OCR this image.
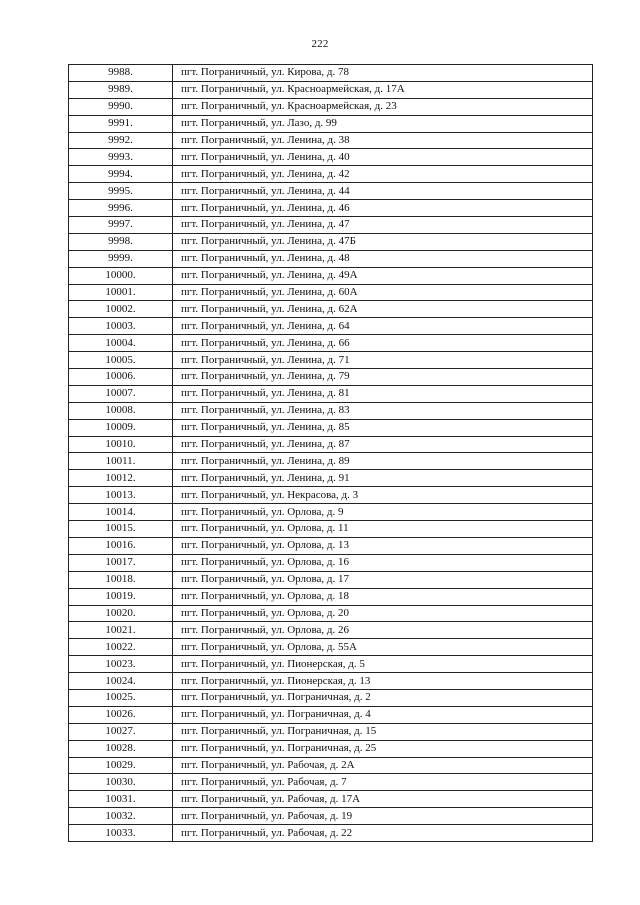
222
9988.	пгт. Пограничный, ул. Кирова, д. 78
9989.	пгт. Пограничный, ул. Красноармейская, д. 17А
9990.	пгт. Пограничный, ул. Красноармейская, д. 23
9991.	пгт. Пограничный, ул. Лазо, д. 99
9992.	пгт. Пограничный, ул. Ленина, д. 38
9993.	пгт. Пограничный, ул. Ленина, д. 40
9994.	пгт. Пограничный, ул. Ленина, д. 42
9995.	пгт. Пограничный, ул. Ленина, д. 44
9996.	пгт. Пограничный, ул. Ленина, д. 46
9997.	пгт. Пограничный, ул. Ленина, д. 47
9998.	пгт. Пограничный, ул. Ленина, д. 47Б
9999.	пгт. Пограничный, ул. Ленина, д. 48
10000.	пгт. Пограничный, ул. Ленина, д. 49А
10001.	пгт. Пограничный, ул. Ленина, д. 60А
10002.	пгт. Пограничный, ул. Ленина, д. 62А
10003.	пгт. Пограничный, ул. Ленина, д. 64
10004.	пгт. Пограничный, ул. Ленина, д. 66
10005.	пгт. Пограничный, ул. Ленина, д. 71
10006.	пгт. Пограничный, ул. Ленина, д. 79
10007.	пгт. Пограничный, ул. Ленина, д. 81
10008.	пгт. Пограничный, ул. Ленина, д. 83
10009.	пгт. Пограничный, ул. Ленина, д. 85
10010.	пгт. Пограничный, ул. Ленина, д. 87
10011.	пгт. Пограничный, ул. Ленина, д. 89
10012.	пгт. Пограничный, ул. Ленина, д. 91
10013.	пгт. Пограничный, ул. Некрасова, д. 3
10014.	пгт. Пограничный, ул. Орлова, д. 9
10015.	пгт. Пограничный, ул. Орлова, д. 11
10016.	пгт. Пограничный, ул. Орлова, д. 13
10017.	пгт. Пограничный, ул. Орлова, д. 16
10018.	пгт. Пограничный, ул. Орлова, д. 17
10019.	пгт. Пограничный, ул. Орлова, д. 18
10020.	пгт. Пограничный, ул. Орлова, д. 20
10021.	пгт. Пограничный, ул. Орлова, д. 26
10022.	пгт. Пограничный, ул. Орлова, д. 55А
10023.	пгт. Пограничный, ул. Пионерская, д. 5
10024.	пгт. Пограничный, ул. Пионерская, д. 13
10025.	пгт. Пограничный, ул. Пограничная, д. 2
10026.	пгт. Пограничный, ул. Пограничная, д. 4
10027.	пгт. Пограничный, ул. Пограничная, д. 15
10028.	пгт. Пограничный, ул. Пограничная, д. 25
10029.	пгт. Пограничный, ул. Рабочая, д. 2А
10030.	пгт. Пограничный, ул. Рабочая, д. 7
10031.	пгт. Пограничный, ул. Рабочая, д. 17А
10032.	пгт. Пограничный, ул. Рабочая, д. 19
10033.	пгт. Пограничный, ул. Рабочая, д. 22
